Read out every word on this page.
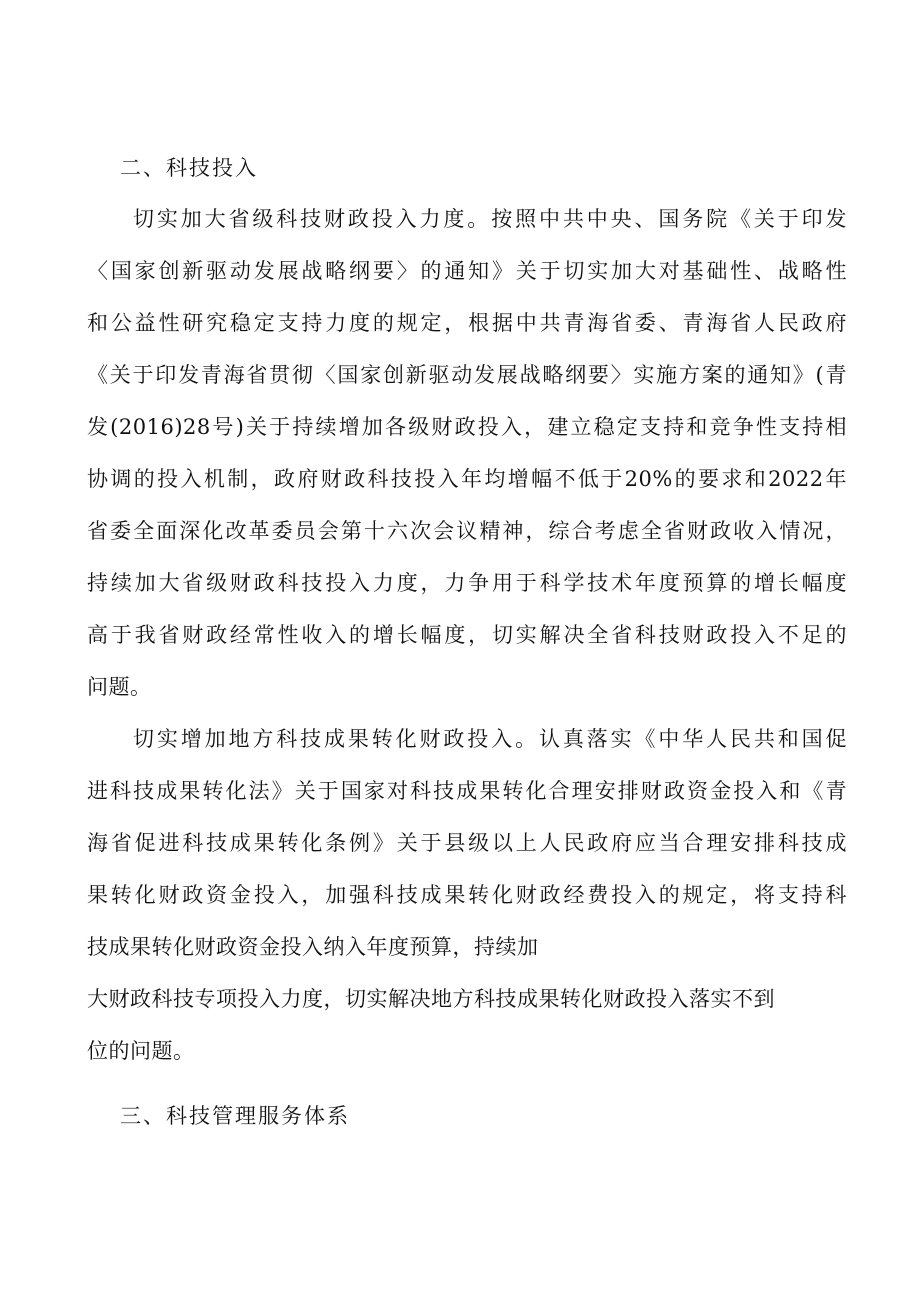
二、科技投入
切实加大省级科技财政投入力度。按照中共中央、国务院《关于印发
〈国家创新驱动发展战略纲要〉的通知》关于切实加大对基础性、战略性
和公益性研究稳定支持力度的规定，根据中共青海省委、青海省人民政府
《关于印发青海省贯彻〈国家创新驱动发展战略纲要〉实施方案的通知》(青
发(2016)28号)关于持续增加各级财政投入，建立稳定支持和竞争性支持相
协调的投入机制，政府财政科技投入年均增幅不低于20%的要求和2022年
省委全面深化改革委员会第十六次会议精神，综合考虑全省财政收入情况，
持续加大省级财政科技投入力度，力争用于科学技术年度预算的增长幅度
高于我省财政经常性收入的增长幅度，切实解决全省科技财政投入不足的
问题。
切实增加地方科技成果转化财政投入。认真落实《中华人民共和国促
进科技成果转化法》关于国家对科技成果转化合理安排财政资金投入和《青
海省促进科技成果转化条例》关于县级以上人民政府应当合理安排科技成
果转化财政资金投入，加强科技成果转化财政经费投入的规定，将支持科
技成果转化财政资金投入纳入年度预算，持续加
大财政科技专项投入力度，切实解决地方科技成果转化财政投入落实不到
位的问题。
三、科技管理服务体系
